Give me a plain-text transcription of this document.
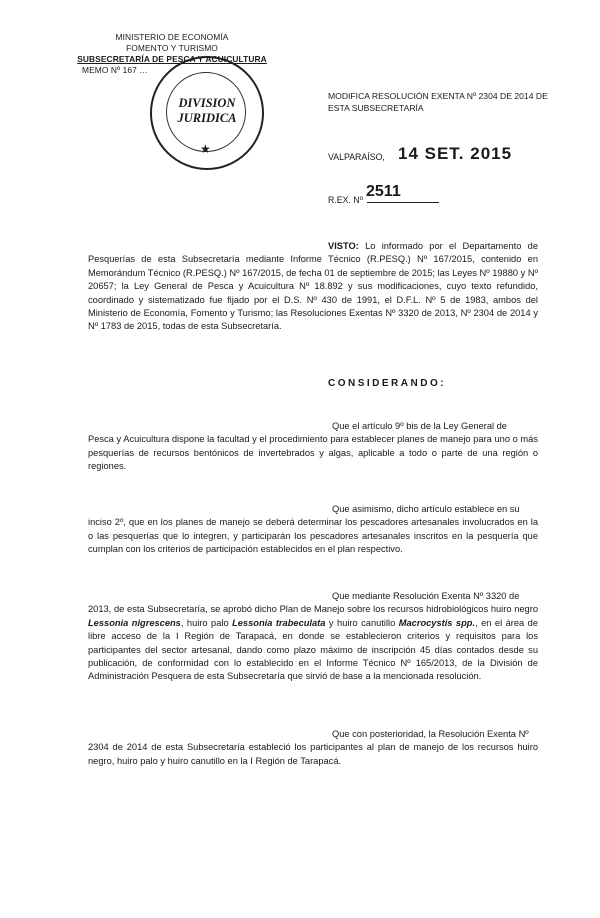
MINISTERIO DE ECONOMÍA
FOMENTO Y TURISMO
SUBSECRETARÍA DE PESCA Y ACUICULTURA
MEMO Nº 167 …
DIVISION
JURIDICA
★
MODIFICA RESOLUCIÓN EXENTA Nº 2304 DE 2014 DE ESTA SUBSECRETARÍA
VALPARAÍSO, 14 SET. 2015
R.EX. Nº 2511
VISTO: Lo informado por el Departamento de Pesquerías de esta Subsecretaría mediante Informe Técnico (R.PESQ.) Nº 167/2015, contenido en Memorándum Técnico (R.PESQ.) Nº 167/2015, de fecha 01 de septiembre de 2015; las Leyes Nº 19880 y Nº 20657; la Ley General de Pesca y Acuicultura Nº 18.892 y sus modificaciones, cuyo texto refundido, coordinado y sistematizado fue fijado por el D.S. Nº 430 de 1991, el D.F.L. Nº 5 de 1983, ambos del Ministerio de Economía, Fomento y Turismo; las Resoluciones Exentas Nº 3320 de 2013, Nº 2304 de 2014 y Nº 1783 de 2015, todas de esta Subsecretaría.
CONSIDERANDO:
Que el artículo 9º bis de la Ley General de
Pesca y Acuicultura dispone la facultad y el procedimiento para establecer planes de manejo para uno o más pesquerías de recursos bentónicos de invertebrados y algas, aplicable a todo o parte de una región o regiones.
Que asimismo, dicho artículo establece en su
inciso 2º, que en los planes de manejo se deberá determinar los pescadores artesanales involucrados en la o las pesquerías que lo integren, y participarán los pescadores artesanales inscritos en la pesquería que cumplan con los criterios de participación establecidos en el plan respectivo.
Que mediante Resolución Exenta Nº 3320 de
2013, de esta Subsecretaría, se aprobó dicho Plan de Manejo sobre los recursos hidrobiológicos huiro negro Lessonia nigrescens, huiro palo Lessonia trabeculata y huiro canutillo Macrocystis spp., en el área de libre acceso de la I Región de Tarapacá, en donde se establecieron criterios y requisitos para los participantes del sector artesanal, dando como plazo máximo de inscripción 45 días contados desde su publicación, de conformidad con lo establecido en el Informe Técnico Nº 165/2013, de la División de Administración Pesquera de esta Subsecretaría que sirvió de base a la mencionada resolución.
Que con posterioridad, la Resolución Exenta Nº
2304 de 2014 de esta Subsecretaría estableció los participantes al plan de manejo de los recursos huiro negro, huiro palo y huiro canutillo en la I Región de Tarapacá.
